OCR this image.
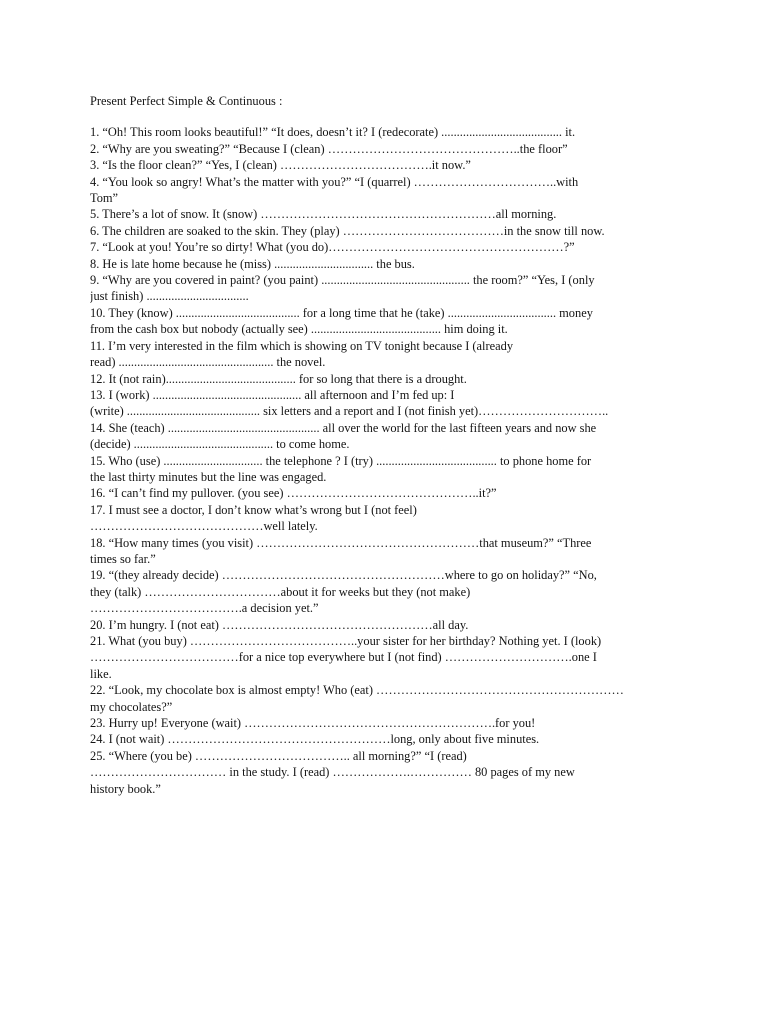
Present Perfect Simple & Continuous :
1. “Oh! This room looks beautiful!” “It does, doesn’t it? I (redecorate) ....................................... it.
2. “Why are you sweating?” “Because I (clean) ………………………………………..the floor”
3. “Is the floor clean?” “Yes, I (clean) ……………………………….it now.”
4. “You look so angry! What’s the matter with you?” “I (quarrel) ……………………………..with
Tom”
5. There’s a lot of snow. It (snow) …………………………………………………all morning.
6. The children are soaked to the skin. They (play) …………………………………in the snow till now.
7. “Look at you! You’re so dirty! What (you do)…………………………………………………?”
8. He is late home because he (miss) ................................ the bus.
9. “Why are you covered in paint? (you paint) ................................................ the room?” “Yes, I (only
just finish) .................................
10. They (know) ........................................ for a long time that he (take) ................................... money
from the cash box but nobody (actually see) .......................................... him doing it.
11. I’m very interested in the film which is showing on TV tonight because I (already
read) .................................................. the novel.
12. It (not rain).......................................... for so long that there is a drought.
13. I (work) ................................................ all afternoon and I’m fed up: I
(write) ........................................... six letters and a report and I (not finish yet)…………………………..
14. She (teach) ................................................. all over the world for the last fifteen years and now she
(decide) ............................................. to come home.
15. Who (use) ................................ the telephone ? I (try) ....................................... to phone home for
the last thirty minutes but the line was engaged.
16. “I can’t find my pullover. (you see) ………………………………………..it?”
17. I must see a doctor, I don’t know what’s wrong but I (not feel)
……………………………………well lately.
18. “How many times (you visit) ………………………………………………that museum?” “Three
times so far.”
19. “(they already decide) ………………………………………………where to go on holiday?” “No,
they (talk) ……………………………about it for weeks but they (not make)
……………………………….a decision yet.”
20. I’m hungry. I (not eat) ……………………………………………all day.
21. What (you buy) …………………………………..your sister for her birthday? Nothing yet. I (look)
………………………………for a nice top everywhere but I (not find) ………………………….one I
like.
22. “Look, my chocolate box is almost empty! Who (eat) ……………………………………………………
my chocolates?”
23. Hurry up! Everyone (wait) …………………………………………………….for you!
24. I (not wait) ………………………………………………long, only about five minutes.
25. “Where (you be) ……………………………….. all morning?” “I (read)
…………………………… in the study. I (read) ……………….…………… 80 pages of my new
history book.”
